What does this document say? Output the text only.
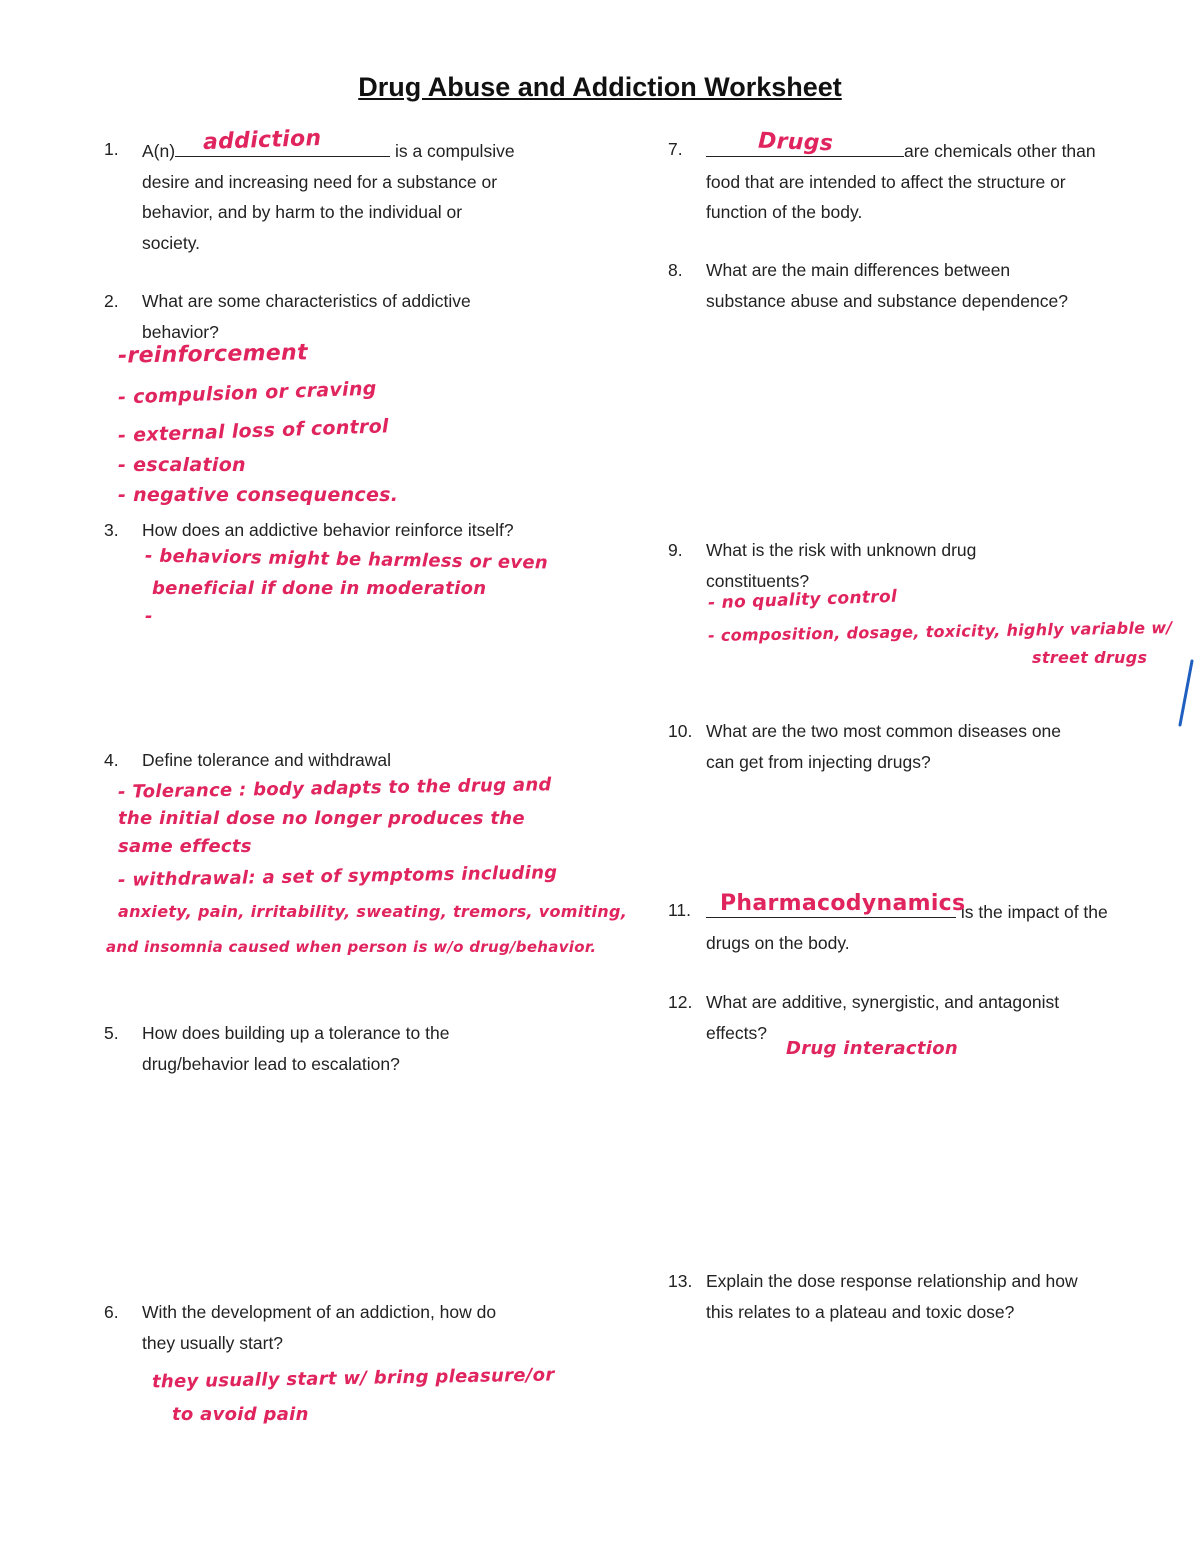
Drug Abuse and Addiction Worksheet
1. A(n) addiction	is a compulsive
desire and increasing need for a substance or
behavior, and by harm to the individual or
society.
2. What are some characteristics of addictive
behavior?
-reinforcement
- compulsion or craving
- external loss of control
- escalation
- negative consequences.
3. How does an addictive behavior reinforce itself?
- behaviors might be harmless or even
beneficial if done in moderation
-
4. Define tolerance and withdrawal
- Tolerance : body adapts to the drug and
the initial dose no longer produces the
same effects
- withdrawal: a set of symptoms including
anxiety, pain, irritability, sweating, tremors, vomiting,
and insomnia caused when person is w/o drug/behavior.
5. How does building up a tolerance to the
drug/behavior lead to escalation?
6. With the development of an addiction, how do
they usually start?
they usually start w/ bring pleasure/or
to avoid pain
7.	Drugs	are chemicals other than
food that are intended to affect the structure or
function of the body.
8. What are the main differences between
substance abuse and substance dependence?
9. What is the risk with unknown drug
constituents?
- no quality control
- composition, dosage, toxicity, highly variable w/
street drugs
10. What are the two most common diseases one
can get from injecting drugs?
11. Pharmacodynamics
is the impact of the
drugs on the body.
12. What are additive, synergistic, and antagonist
effects?
Drug interaction
13. Explain the dose response relationship and how
this relates to a plateau and toxic dose?
